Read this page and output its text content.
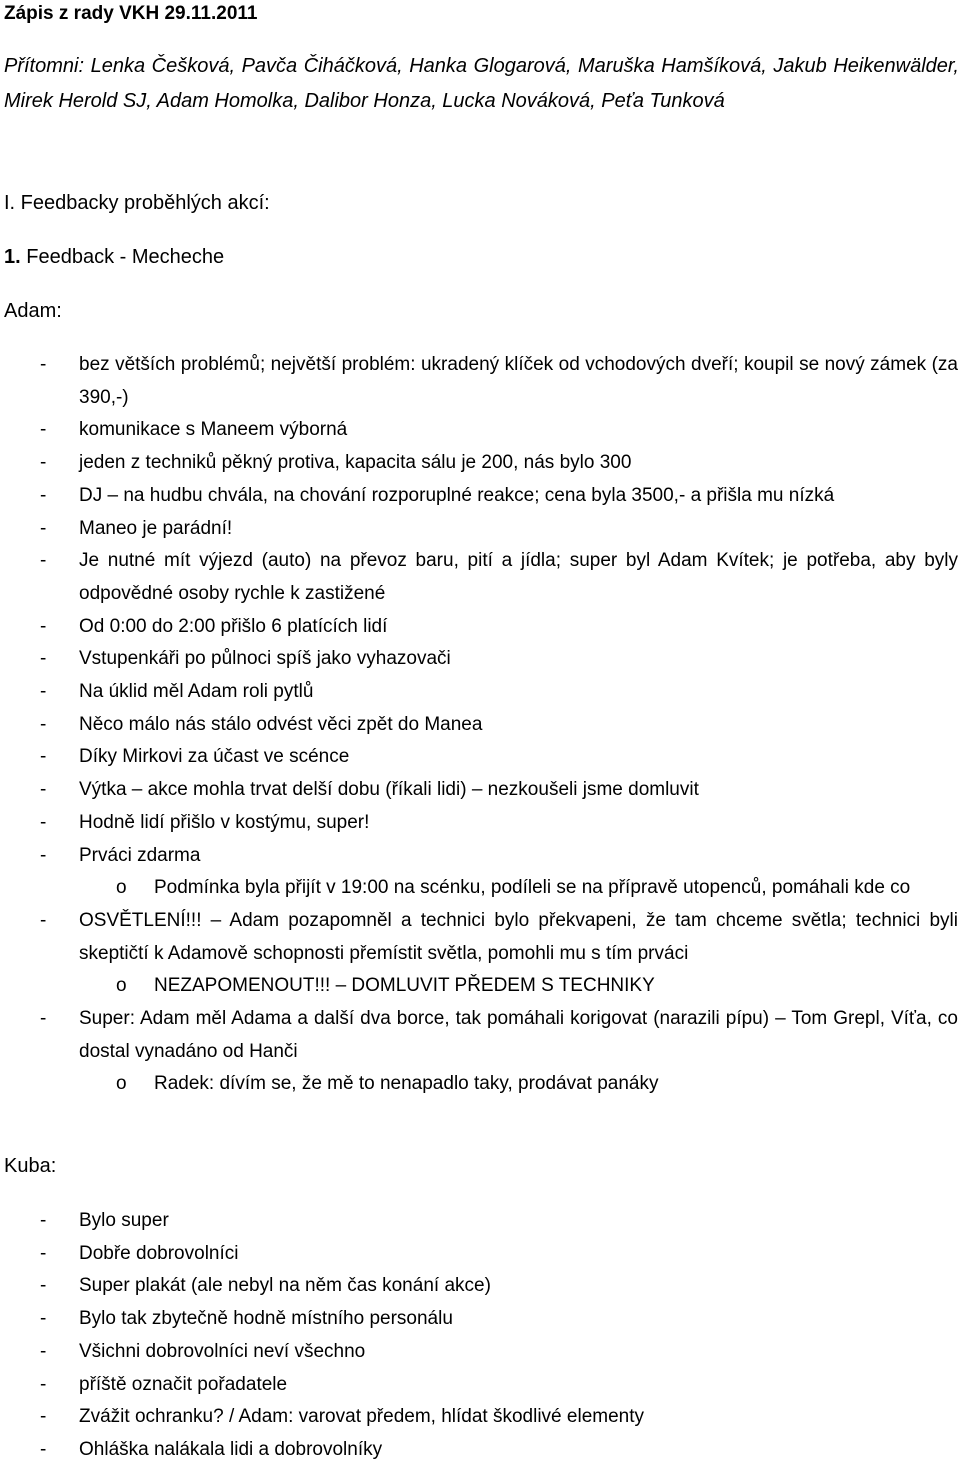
Zápis z rady VKH 29.11.2011
Přítomni: Lenka Češková, Pavča Čiháčková, Hanka Glogarová, Maruška Hamšíková, Jakub Heikenwälder, Mirek Herold SJ, Adam Homolka, Dalibor Honza, Lucka Nováková, Peťa Tunková
I. Feedbacky proběhlých akcí:
1. Feedback - Mecheche
Adam:
- bez větších problémů; největší problém: ukradený klíček od vchodových dveří; koupil se nový zámek (za 390,-)
- komunikace s Maneem výborná
- jeden z techniků pěkný protiva, kapacita sálu je 200, nás bylo 300
- DJ – na hudbu chvála, na chování rozporuplné reakce; cena byla 3500,- a přišla mu nízká
- Maneo je parádní!
- Je nutné mít výjezd (auto) na převoz baru, pití a jídla; super byl Adam Kvítek; je potřeba, aby byly odpovědné osoby rychle k zastižené
- Od 0:00 do 2:00 přišlo 6 platících lidí
- Vstupenkáři po půlnoci spíš jako vyhazovači
- Na úklid měl Adam roli pytlů
- Něco málo nás stálo odvést věci zpět do Manea
- Díky Mirkovi za účast ve scénce
- Výtka – akce mohla trvat delší dobu (říkali lidi) – nezkoušeli jsme domluvit
- Hodně lidí přišlo v kostýmu, super!
- Prváci zdarma
o Podmínka byla přijít v 19:00 na scénku, podíleli se na přípravě utopenců, pomáhali kde co
- OSVĚTLENÍ!!! – Adam pozapomněl a technici bylo překvapeni, že tam chceme světla; technici byli skeptičtí k Adamově schopnosti přemístit světla, pomohli mu s tím prváci
o NEZAPOMENOUT!!! – DOMLUVIT PŘEDEM S TECHNIKY
- Super: Adam měl Adama a další dva borce, tak pomáhali korigovat (narazili pípu) – Tom Grepl, Víťa, co dostal vynadáno od Hanči
o Radek: dívím se, že mě to nenapadlo taky, prodávat panáky
Kuba:
- Bylo super
- Dobře dobrovolníci
- Super plakát (ale nebyl na něm čas konání akce)
- Bylo tak zbytečně hodně místního personálu
- Všichni dobrovolníci neví všechno
- příště označit pořadatele
- Zvážit ochranku? / Adam: varovat předem, hlídat škodlivé elementy
- Ohláška nalákala lidi a dobrovolníky
